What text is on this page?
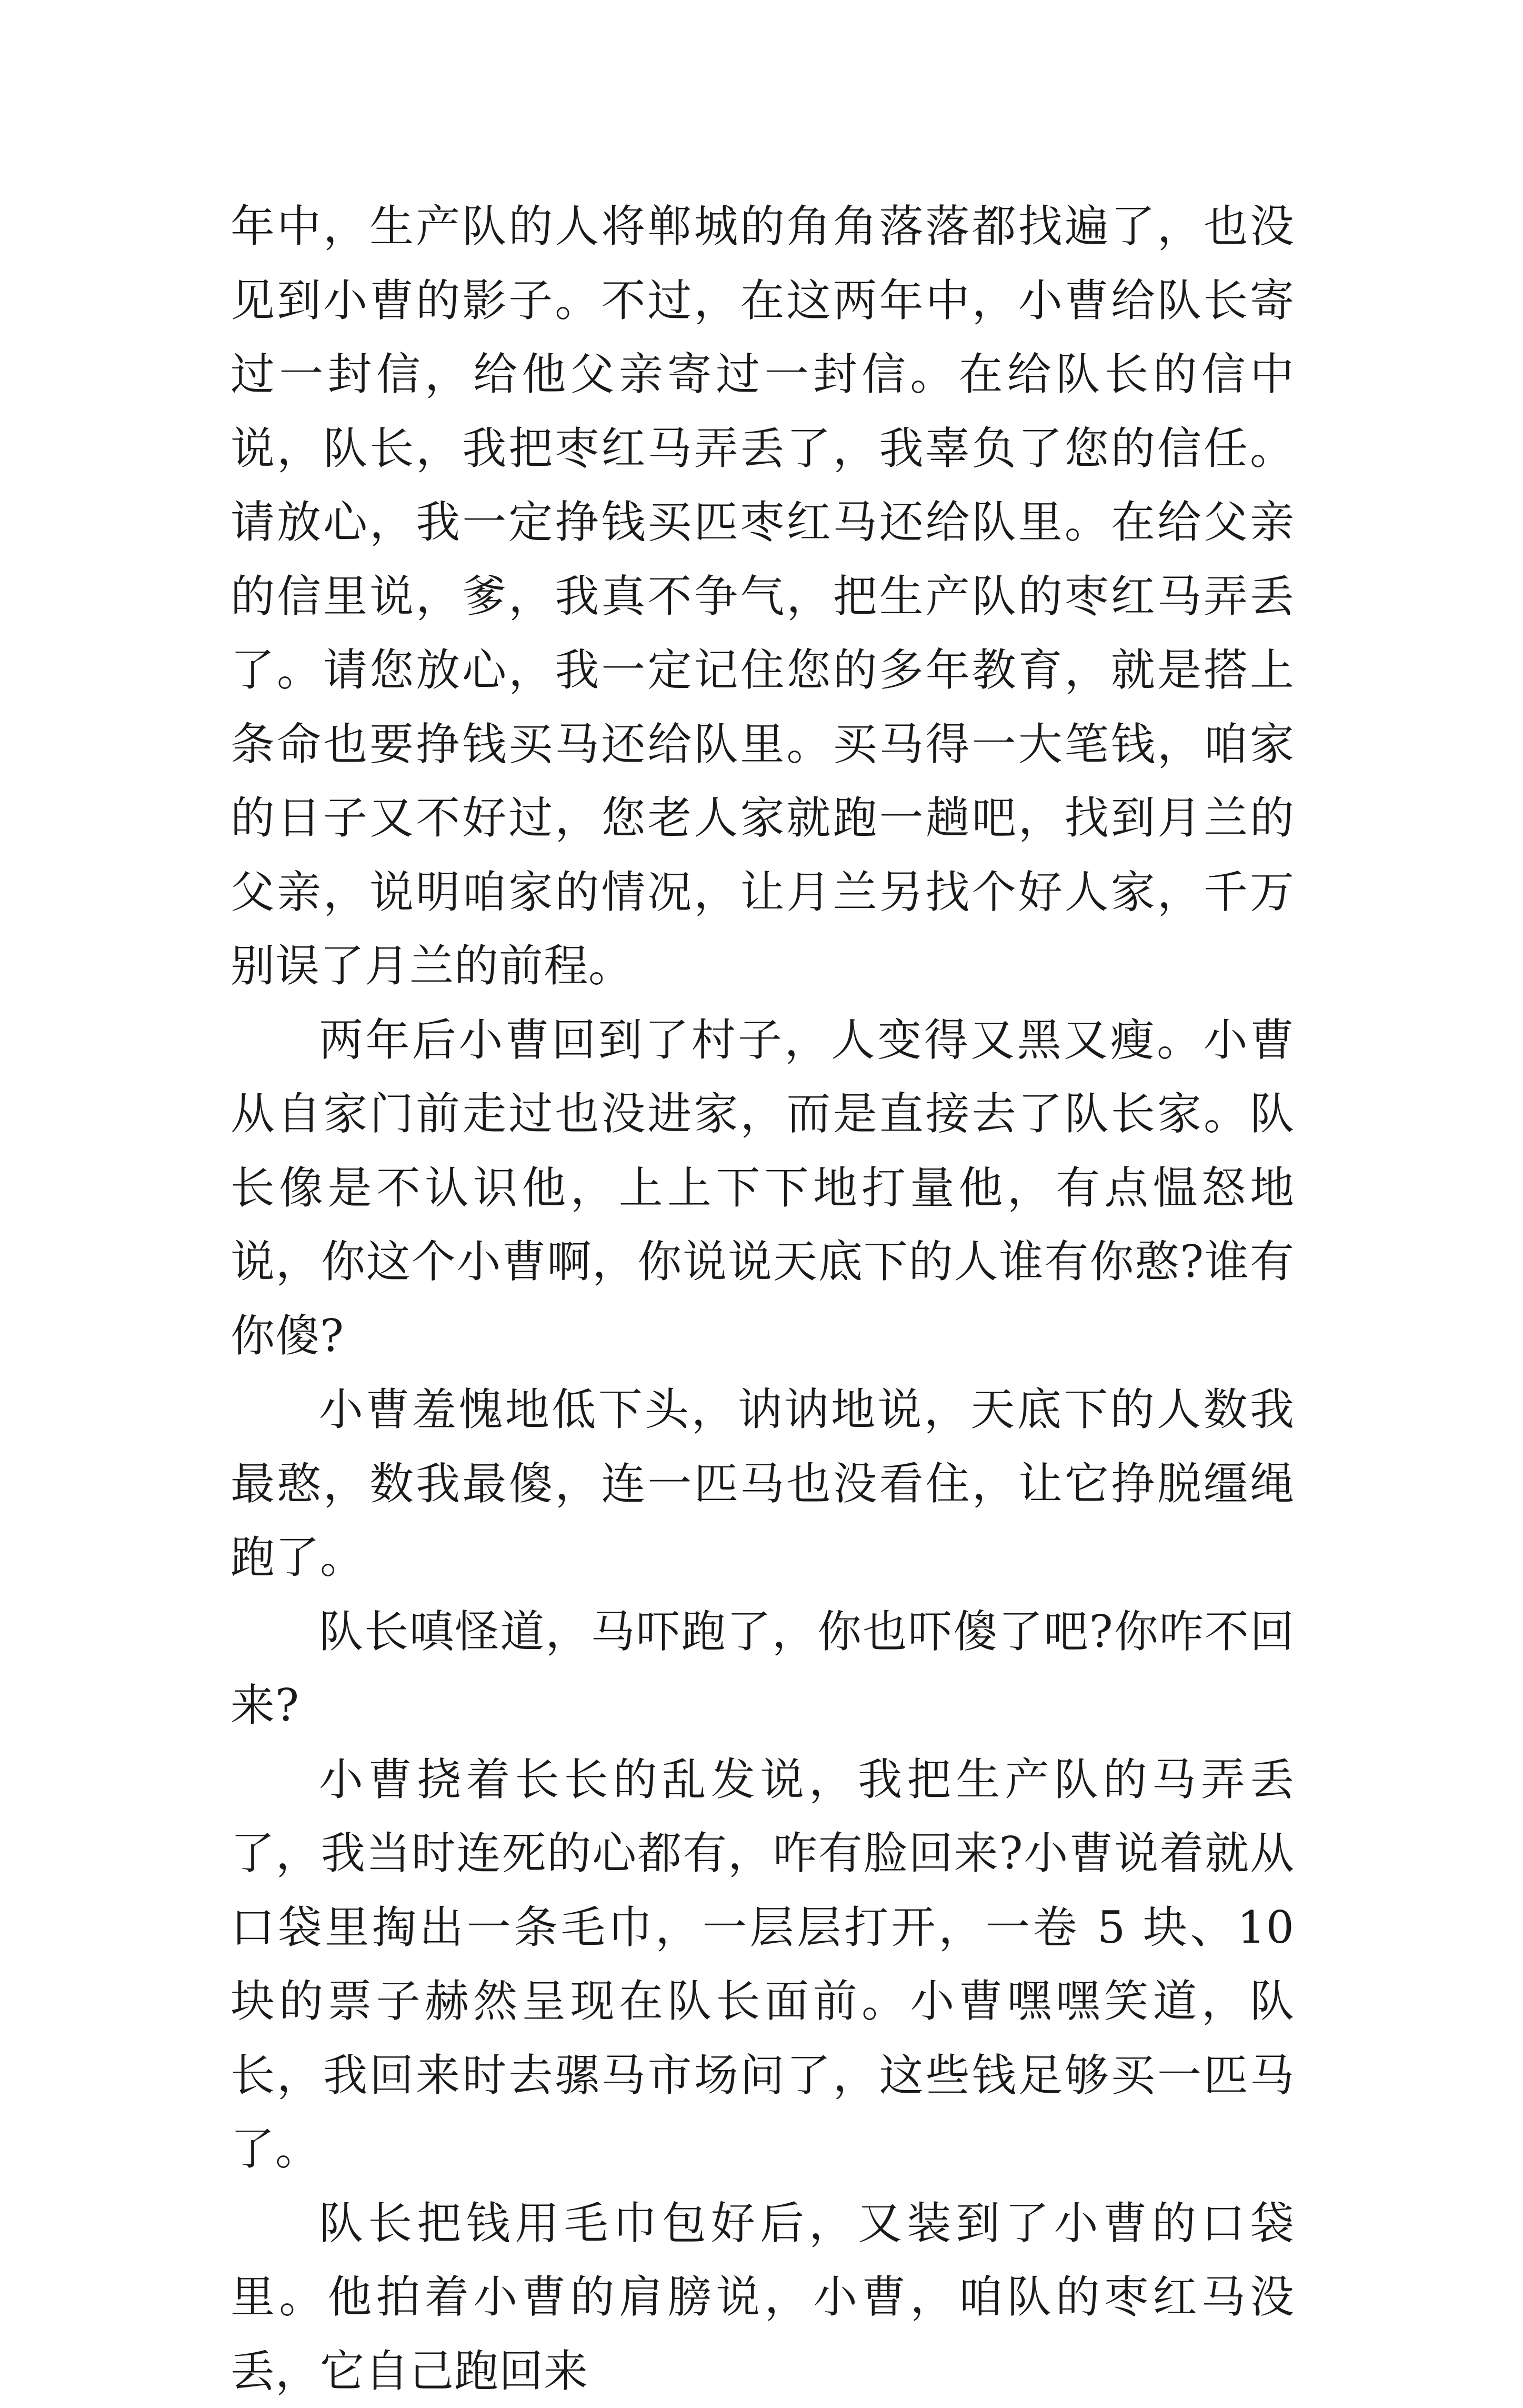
年中，生产队的人将郸城的角角落落都找遍了，也没见到小曹的影子。不过，在这两年中，小曹给队长寄过一封信，给他父亲寄过一封信。在给队长的信中说，队长，我把枣红马弄丢了，我辜负了您的信任。请放心，我一定挣钱买匹枣红马还给队里。在给父亲的信里说，爹，我真不争气，把生产队的枣红马弄丢了。请您放心，我一定记住您的多年教育，就是搭上条命也要挣钱买马还给队里。买马得一大笔钱，咱家的日子又不好过，您老人家就跑一趟吧，找到月兰的父亲，说明咱家的情况，让月兰另找个好人家，千万别误了月兰的前程。

两年后小曹回到了村子，人变得又黑又瘦。小曹从自家门前走过也没进家，而是直接去了队长家。队长像是不认识他，上上下下地打量他，有点愠怒地说，你这个小曹啊，你说说天底下的人谁有你憨?谁有你傻?

小曹羞愧地低下头，讷讷地说，天底下的人数我最憨，数我最傻，连一匹马也没看住，让它挣脱缰绳跑了。

队长嗔怪道，马吓跑了，你也吓傻了吧?你咋不回来?

小曹挠着长长的乱发说，我把生产队的马弄丢了，我当时连死的心都有，咋有脸回来?小曹说着就从口袋里掏出一条毛巾，一层层打开，一卷 5 块、10 块的票子赫然呈现在队长面前。小曹嘿嘿笑道，队长，我回来时去骡马市场问了，这些钱足够买一匹马了。

队长把钱用毛巾包好后，又装到了小曹的口袋里。他拍着小曹的肩膀说，小曹，咱队的枣红马没丢，它自己跑回来
